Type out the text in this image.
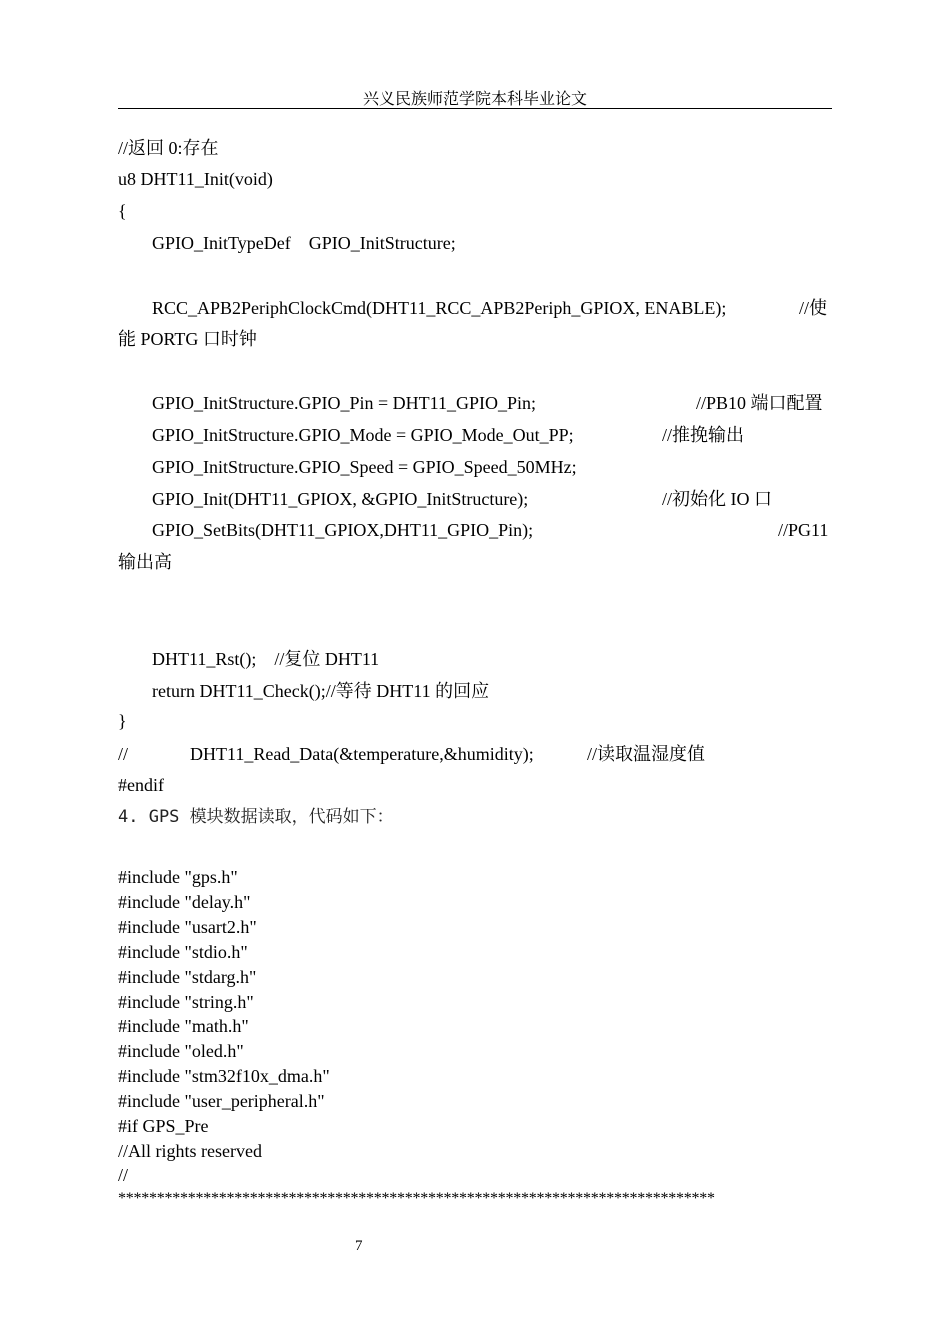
兴义民族师范学院本科毕业论文
//返回 0:存在
u8 DHT11_Init(void)
{
GPIO_InitTypeDef    GPIO_InitStructure;
RCC_APB2PeriphClockCmd(DHT11_RCC_APB2Periph_GPIOX, ENABLE);	//使
能 PORTG 口时钟
GPIO_InitStructure.GPIO_Pin = DHT11_GPIO_Pin;	//PB10 端口配置
GPIO_InitStructure.GPIO_Mode = GPIO_Mode_Out_PP;	//推挽输出
GPIO_InitStructure.GPIO_Speed = GPIO_Speed_50MHz;
GPIO_Init(DHT11_GPIOX, &GPIO_InitStructure);	//初始化 IO 口
GPIO_SetBits(DHT11_GPIOX,DHT11_GPIO_Pin);	//PG11
输出高
DHT11_Rst();    //复位 DHT11
return DHT11_Check();//等待 DHT11 的回应
}
//	DHT11_Read_Data(&temperature,&humidity);	//读取温湿度值
#endif
4. GPS 模块数据读取，代码如下：
#include "gps.h"
#include "delay.h"
#include "usart2.h"
#include "stdio.h"
#include "stdarg.h"
#include "string.h"
#include "math.h"
#include "oled.h"
#include "stm32f10x_dma.h"
#include "user_peripheral.h"
#if GPS_Pre
//All rights reserved
//
*****************************************************************************
7
